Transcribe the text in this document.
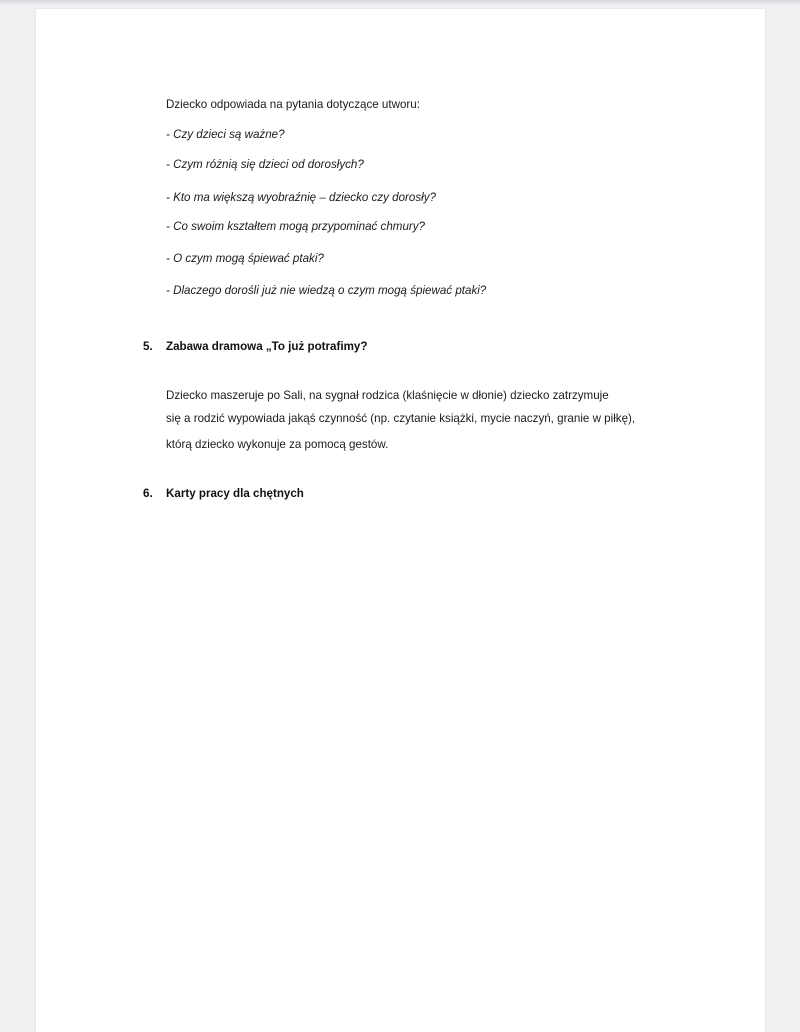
Dziecko odpowiada na pytania dotyczące utworu:

- Czy dzieci są ważne?

- Czym różnią się dzieci od dorosłych?

- Kto ma większą wyobraźnię – dziecko czy dorosły?

- Co swoim kształtem mogą przypominać chmury?

- O czym mogą śpiewać ptaki?

- Dlaczego dorośli już nie wiedzą o czym mogą śpiewać ptaki?

5. Zabawa dramowa „To już potrafimy?

Dziecko maszeruje po Sali, na sygnał rodzica (klaśnięcie w dłonie) dziecko zatrzymuje

się a rodzić wypowiada jakąś czynność (np. czytanie książki, mycie naczyń, granie w piłkę),

którą dziecko wykonuje za pomocą gestów.

6. Karty pracy dla chętnych
